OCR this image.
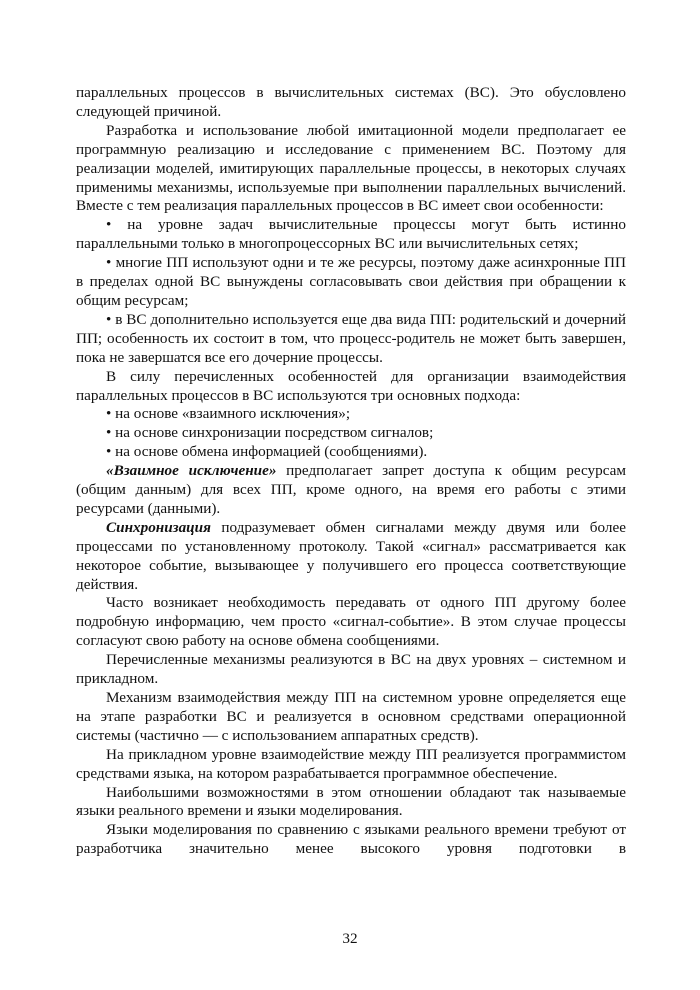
параллельных процессов в вычислительных системах (ВС). Это обусловлено следующей причиной.

Разработка и использование любой имитационной модели предполагает ее программную реализацию и исследование с применением ВС. Поэтому для реализации моделей, имитирующих параллельные процессы, в некоторых случаях применимы механизмы, используемые при выполнении параллельных вычислений. Вместе с тем реализация параллельных процессов в ВС имеет свои особенности:

• на уровне задач вычислительные процессы могут быть истинно параллельными только в многопроцессорных ВС или вычислительных сетях;

• многие ПП используют одни и те же ресурсы, поэтому даже асинхронные ПП в пределах одной ВС вынуждены согласовывать свои действия при обращении к общим ресурсам;

• в ВС дополнительно используется еще два вида ПП: родительский и дочерний ПП; особенность их состоит в том, что процесс-родитель не может быть завершен, пока не завершатся все его дочерние процессы.

В силу перечисленных особенностей для организации взаимодействия параллельных процессов в ВС используются три основных подхода:

• на основе «взаимного исключения»;

• на основе синхронизации посредством сигналов;

• на основе обмена информацией (сообщениями).

«Взаимное исключение» предполагает запрет доступа к общим ресурсам (общим данным) для всех ПП, кроме одного, на время его работы с этими ресурсами (данными).

Синхронизация подразумевает обмен сигналами между двумя или более процессами по установленному протоколу. Такой «сигнал» рассматривается как некоторое событие, вызывающее у получившего его процесса соответствующие действия.

Часто возникает необходимость передавать от одного ПП другому более подробную информацию, чем просто «сигнал-событие». В этом случае процессы согласуют свою работу на основе обмена сообщениями.

Перечисленные механизмы реализуются в ВС на двух уровнях – системном и прикладном.

Механизм взаимодействия между ПП на системном уровне определяется еще на этапе разработки ВС и реализуется в основном средствами операционной системы (частично — с использованием аппаратных средств).

На прикладном уровне взаимодействие между ПП реализуется программистом средствами языка, на котором разрабатывается программное обеспечение.

Наибольшими возможностями в этом отношении обладают так называемые языки реального времени и языки моделирования.

Языки моделирования по сравнению с языками реального времени требуют от разработчика значительно менее высокого уровня подготовки в

32
